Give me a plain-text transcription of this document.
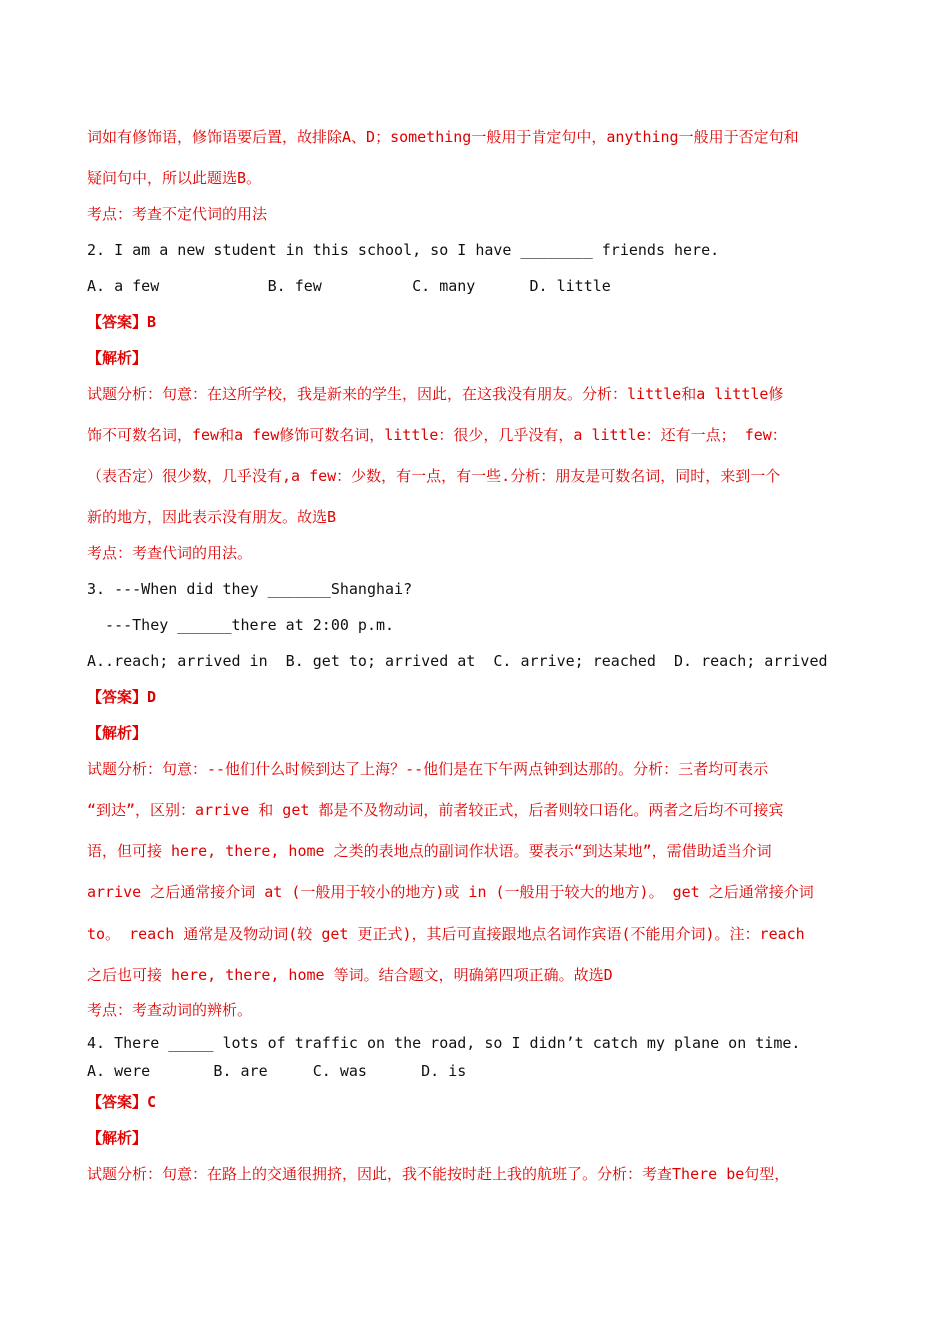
词如有修饰语，修饰语要后置，故排除A、D；something一般用于肯定句中，anything一般用于否定句和
疑问句中，所以此题选B。
考点：考查不定代词的用法
2. I am a new student in this school, so I have ________ friends here.
A. a few            B. few          C. many      D. little
【答案】B
【解析】
试题分析：句意：在这所学校，我是新来的学生，因此，在这我没有朋友。分析：little和a little修
饰不可数名词，few和a few修饰可数名词，little：很少，几乎没有，a little：还有一点； few：
（表否定）很少数，几乎没有,a few：少数，有一点，有一些.分析：朋友是可数名词，同时，来到一个
新的地方，因此表示没有朋友。故选B
考点：考查代词的用法。
3. ---When did they _______Shanghai?
---They ______there at 2:00 p.m.
A..reach; arrived in  B. get to; arrived at  C. arrive; reached  D. reach; arrived
【答案】D
【解析】
试题分析：句意：--他们什么时候到达了上海？--他们是在下午两点钟到达那的。分析：三者均可表示
“到达”，区别：arrive 和 get 都是不及物动词，前者较正式，后者则较口语化。两者之后均不可接宾
语，但可接 here, there, home 之类的表地点的副词作状语。要表示“到达某地”，需借助适当介词
arrive 之后通常接介词 at (一般用于较小的地方)或 in (一般用于较大的地方)。 get 之后通常接介词
to。 reach 通常是及物动词(较 get 更正式)，其后可直接跟地点名词作宾语(不能用介词)。注：reach
之后也可接 here, there, home 等词。结合题文，明确第四项正确。故选D
考点：考查动词的辨析。
4. There _____ lots of traffic on the road, so I didn’t catch my plane on time.
A. were       B. are     C. was      D. is
【答案】C
【解析】
试题分析：句意：在路上的交通很拥挤，因此，我不能按时赶上我的航班了。分析：考查There be句型，
